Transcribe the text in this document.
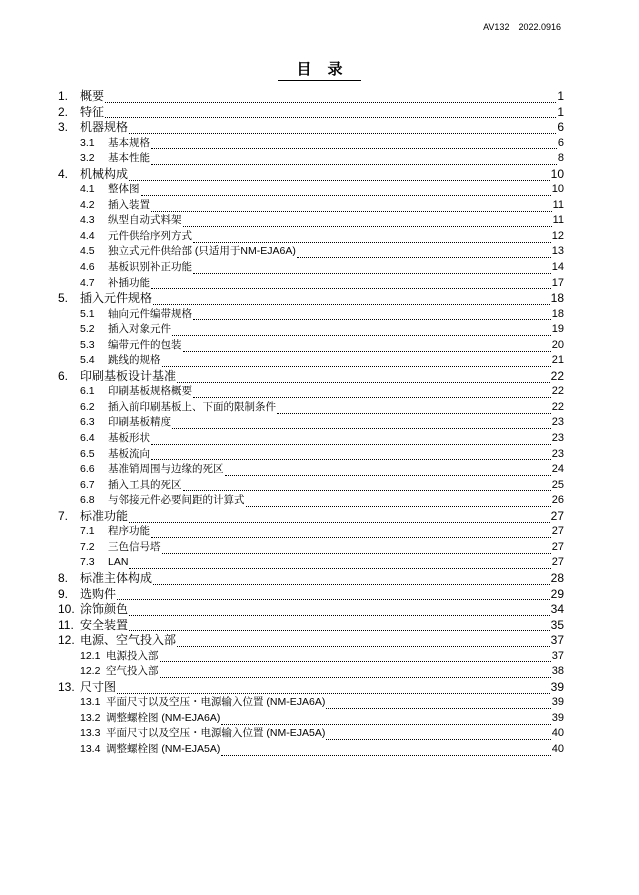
AV132 2022.0916
目录
1. 概要	1
2. 特征	1
3. 机器规格	6
3.1	基本规格	6
3.2	基本性能	8
4. 机械构成	10
4.1	整体图	10
4.2	插入装置	11
4.3	纵型自动式料架	11
4.4	元件供给序列方式	12
4.5	独立式元件供给部 (只适用于NM-EJA6A)	13
4.6	基板识别补正功能	14
4.7	补插功能	17
5. 插入元件规格	18
5.1	轴向元件编带规格	18
5.2	插入对象元件	19
5.3	编带元件的包装	20
5.4	跳线的规格	21
6. 印刷基板设计基准	22
6.1	印刷基板规格概要	22
6.2	插入前印刷基板上、下面的限制条件	22
6.3	印刷基板精度	23
6.4	基板形状	23
6.5	基板流向	23
6.6	基准销周围与边缘的死区	24
6.7	插入工具的死区	25
6.8	与邻接元件必要间距的计算式	26
7. 标准功能	27
7.1	程序功能	27
7.2	三色信号塔	27
7.3	LAN	27
8. 标准主体构成	28
9. 选购件	29
10. 涂饰颜色	34
11. 安全装置	35
12. 电源、空气投入部	37
12.1 电源投入部	37
12.2 空气投入部	38
13. 尺寸图	39
13.1 平面尺寸以及空压・电源输入位置 (NM-EJA6A)	39
13.2 调整螺栓图 (NM-EJA6A)	39
13.3 平面尺寸以及空压・电源输入位置 (NM-EJA5A)	40
13.4 调整螺栓图 (NM-EJA5A)	40
